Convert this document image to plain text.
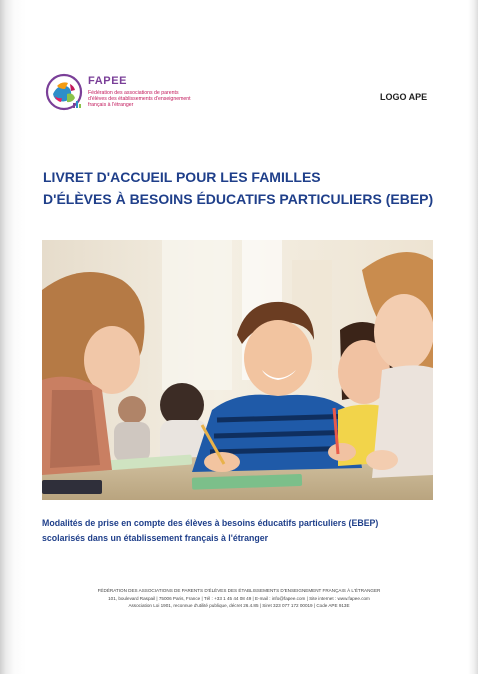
FAPEE
Fédération des associations de parents
d'élèves des établissements d'enseignement
français à l'étranger
LOGO APE
LIVRET D'ACCUEIL POUR LES FAMILLES
D'ÉLÈVES À BESOINS ÉDUCATIFS PARTICULIERS (EBEP)
Modalités de prise en compte des élèves à besoins éducatifs particuliers (EBEP)
scolarisés dans un établissement français à l'étranger
FÉDÉRATION DES ASSOCIATIONS DE PARENTS D'ÉLÈVES DES ÉTABLISSEMENTS D'ENSEIGNEMENT FRANÇAIS À L'ÉTRANGER
101, boulevard Raspail | 75006 Paris, France | Tél : +33 1 45 44 08 49 | E-mail : info@fapee.com | Site internet : www.fapee.com
Association Loi 1901, reconnue d'utilité publique, décret 26.4.85 | Siret 323 077 172 00019 | Code APE 913E
